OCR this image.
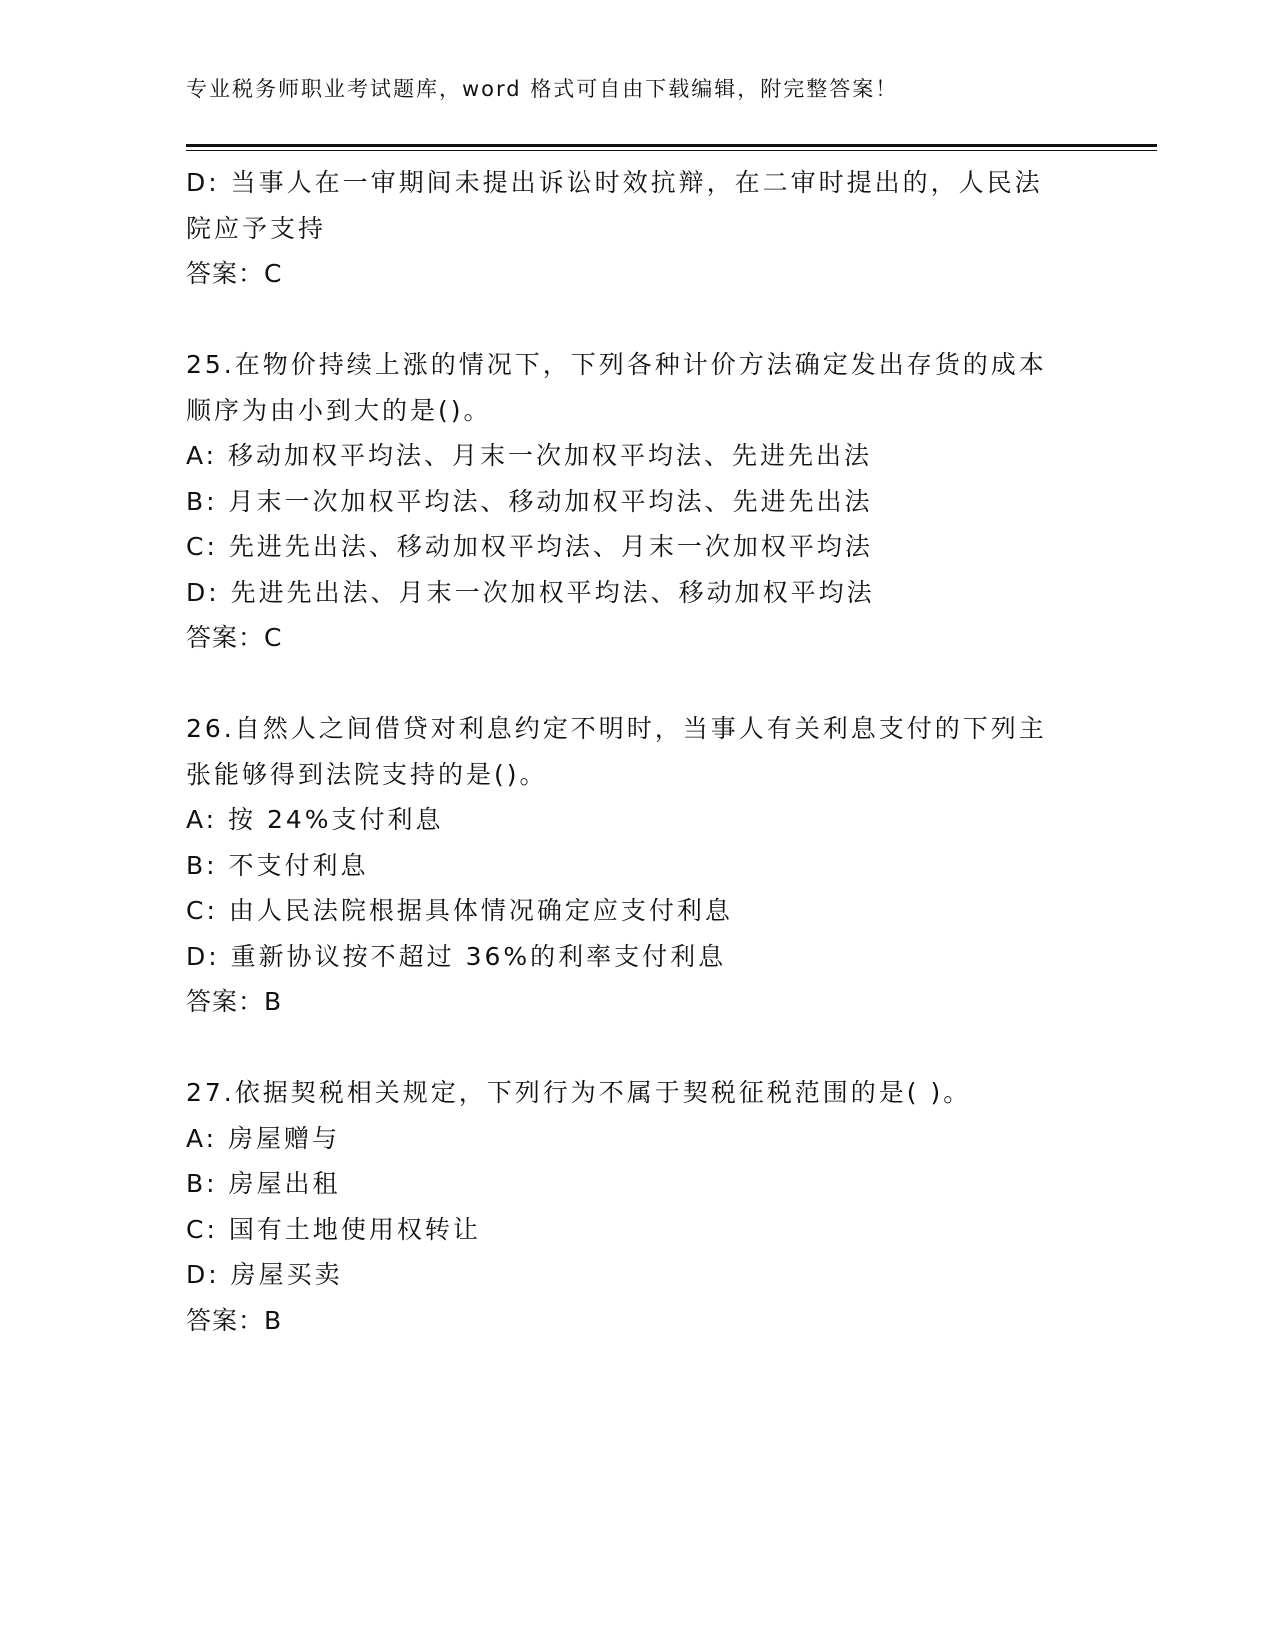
专业税务师职业考试题库，word 格式可自由下载编辑，附完整答案！

D: 当事人在一审期间未提出诉讼时效抗辩，在二审时提出的，人民法

院应予支持

答案：C

25.在物价持续上涨的情况下，下列各种计价方法确定发出存货的成本

顺序为由小到大的是()。

A: 移动加权平均法、月末一次加权平均法、先进先出法

B: 月末一次加权平均法、移动加权平均法、先进先出法

C: 先进先出法、移动加权平均法、月末一次加权平均法

D: 先进先出法、月末一次加权平均法、移动加权平均法

答案：C

26.自然人之间借贷对利息约定不明时，当事人有关利息支付的下列主

张能够得到法院支持的是()。

A: 按 24%支付利息

B: 不支付利息

C: 由人民法院根据具体情况确定应支付利息

D: 重新协议按不超过 36%的利率支付利息

答案：B

27.依据契税相关规定，下列行为不属于契税征税范围的是( )。

A: 房屋赠与

B: 房屋出租

C: 国有土地使用权转让

D: 房屋买卖

答案：B
